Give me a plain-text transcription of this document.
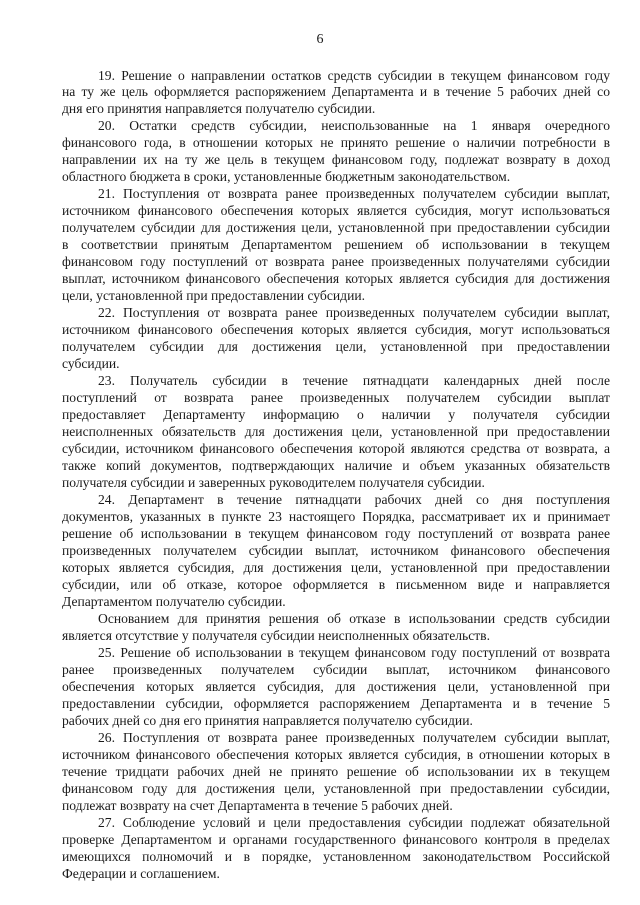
6
19. Решение о направлении остатков средств субсидии в текущем финансовом году
на ту же цель оформляется распоряжением Департамента и в течение 5 рабочих дней со
дня его принятия направляется получателю субсидии.
20. Остатки средств субсидии, неиспользованные на 1 января очередного
финансового года, в отношении которых не принято решение о наличии потребности в
направлении их на ту же цель в текущем финансовом году, подлежат возврату в доход
областного бюджета в сроки, установленные бюджетным законодательством.
21. Поступления от возврата ранее произведенных получателем субсидии выплат,
источником финансового обеспечения которых является субсидия, могут использоваться
получателем субсидии для достижения цели, установленной при предоставлении субсидии
в соответствии принятым Департаментом решением об использовании в текущем
финансовом году поступлений от возврата ранее произведенных получателями субсидии
выплат, источником финансового обеспечения которых является субсидия для достижения
цели, установленной при предоставлении субсидии.
22. Поступления от возврата ранее произведенных получателем субсидии выплат,
источником финансового обеспечения которых является субсидия, могут использоваться
получателем субсидии для достижения цели, установленной при предоставлении
субсидии.
23. Получатель субсидии в течение пятнадцати календарных дней после
поступлений от возврата ранее произведенных получателем субсидии выплат
предоставляет Департаменту информацию о наличии у получателя субсидии
неисполненных обязательств для достижения цели, установленной при предоставлении
субсидии, источником финансового обеспечения которой являются средства от возврата, а
также копий документов, подтверждающих наличие и объем указанных обязательств
получателя субсидии и заверенных руководителем получателя субсидии.
24. Департамент в течение пятнадцати рабочих дней со дня поступления
документов, указанных в пункте 23 настоящего Порядка, рассматривает их и принимает
решение об использовании в текущем финансовом году поступлений от возврата ранее
произведенных получателем субсидии выплат, источником финансового обеспечения
которых является субсидия, для достижения цели, установленной при предоставлении
субсидии, или об отказе, которое оформляется в письменном виде и направляется
Департаментом получателю субсидии.
Основанием для принятия решения об отказе в использовании средств субсидии
является отсутствие у получателя субсидии неисполненных обязательств.
25. Решение об использовании в текущем финансовом году поступлений от возврата
ранее произведенных получателем субсидии выплат, источником финансового
обеспечения которых является субсидия, для достижения цели, установленной при
предоставлении субсидии, оформляется распоряжением Департамента и в течение 5
рабочих дней со дня его принятия направляется получателю субсидии.
26. Поступления от возврата ранее произведенных получателем субсидии выплат,
источником финансового обеспечения которых является субсидия, в отношении которых в
течение тридцати рабочих дней не принято решение об использовании их в текущем
финансовом году для достижения цели, установленной при предоставлении субсидии,
подлежат возврату на счет Департамента в течение 5 рабочих дней.
27. Соблюдение условий и цели предоставления субсидии подлежат обязательной
проверке Департаментом и органами государственного финансового контроля в пределах
имеющихся полномочий и в порядке, установленном законодательством Российской
Федерации и соглашением.
